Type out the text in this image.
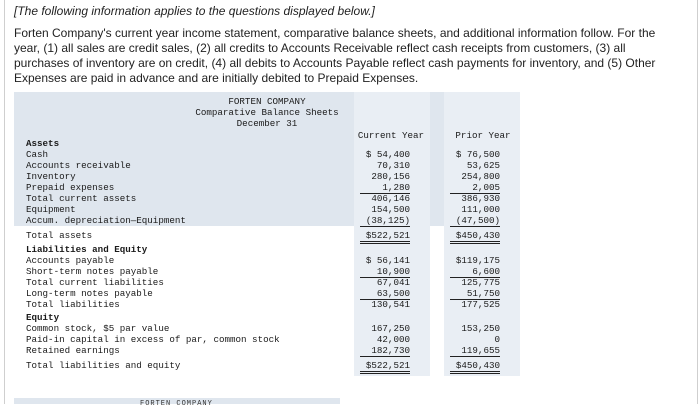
[The following information applies to the questions displayed below.]
Forten Company's current year income statement, comparative balance sheets, and additional information follow. For the year, (1) all sales are credit sales, (2) all credits to Accounts Receivable reflect cash receipts from customers, (3) all purchases of inventory are on credit, (4) all debits to Accounts Payable reflect cash payments for inventory, and (5) Other Expenses are paid in advance and are initially debited to Prepaid Expenses.
FORTEN COMPANY
Comparative Balance Sheets
December 31
Current Year	Prior Year
Assets
Cash	$ 54,400	$ 76,500
Accounts receivable	70,310	53,625
Inventory	280,156	254,800
Prepaid expenses	1,280	2,005
Total current assets	406,146	386,930
Equipment	154,500	111,000
Accum. depreciation—Equipment	(38,125)	(47,500)
Total assets	$522,521	$450,430
Liabilities and Equity
Accounts payable	$ 56,141	$119,175
Short-term notes payable	10,900	6,600
Total current liabilities	67,041	125,775
Long-term notes payable	63,500	51,750
Total liabilities	130,541	177,525
Equity
Common stock, $5 par value	167,250	153,250
Paid-in capital in excess of par, common stock	42,000	0
Retained earnings	182,730	119,655
Total liabilities and equity	$522,521	$450,430
FORTEN COMPANY
